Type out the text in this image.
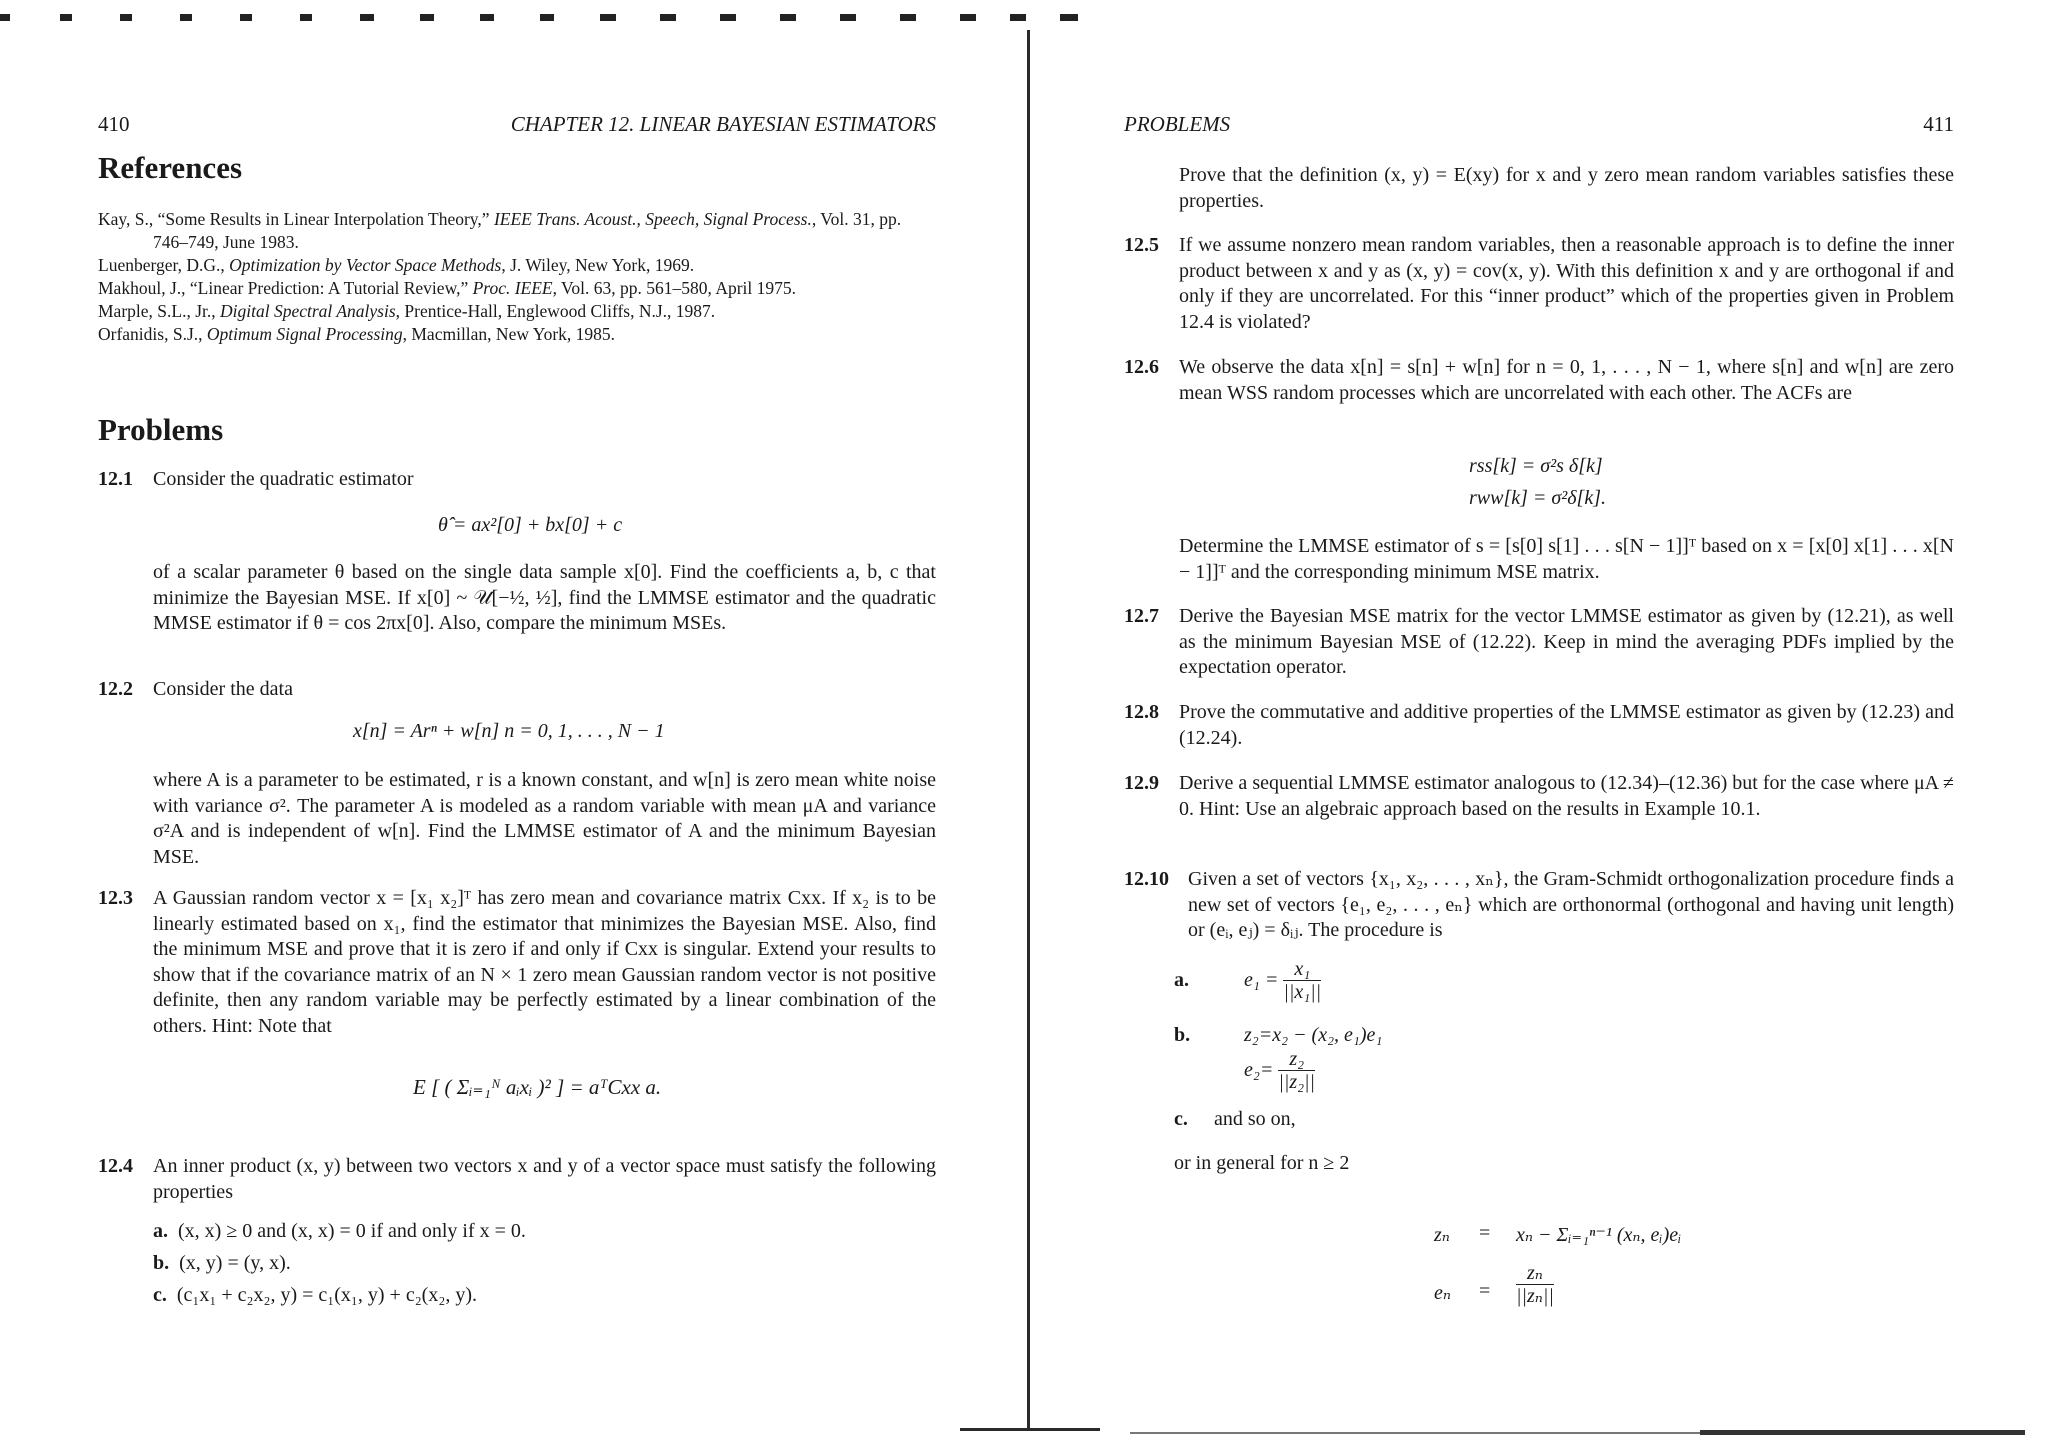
410	CHAPTER 12. LINEAR BAYESIAN ESTIMATORS
References

Kay, S., “Some Results in Linear Interpolation Theory,” IEEE Trans. Acoust., Speech, Signal Process., Vol. 31, pp. 746–749, June 1983.

Luenberger, D.G., Optimization by Vector Space Methods, J. Wiley, New York, 1969.

Makhoul, J., “Linear Prediction: A Tutorial Review,” Proc. IEEE, Vol. 63, pp. 561–580, April 1975.

Marple, S.L., Jr., Digital Spectral Analysis, Prentice-Hall, Englewood Cliffs, N.J., 1987.

Orfanidis, S.J., Optimum Signal Processing, Macmillan, New York, 1985.

Problems
12.1 Consider the quadratic estimator
θ̂ = ax²[0] + bx[0] + c
of a scalar parameter θ based on the single data sample x[0]. Find the coefficients a, b, c that minimize the Bayesian MSE. If x[0] ~ 𝒰[−½, ½], find the LMMSE estimator and the quadratic MMSE estimator if θ = cos 2πx[0]. Also, compare the minimum MSEs.
12.2 Consider the data
x[n] = Arⁿ + w[n] n = 0, 1, . . . , N − 1
where A is a parameter to be estimated, r is a known constant, and w[n] is zero mean white noise with variance σ². The parameter A is modeled as a random variable with mean μA and variance σ²A and is independent of w[n]. Find the LMMSE estimator of A and the minimum Bayesian MSE.
12.3 A Gaussian random vector x = [x₁ x₂]ᵀ has zero mean and covariance matrix Cxx. If x₂ is to be linearly estimated based on x₁, find the estimator that minimizes the Bayesian MSE. Also, find the minimum MSE and prove that it is zero if and only if Cxx is singular. Extend your results to show that if the covariance matrix of an N × 1 zero mean Gaussian random vector is not positive definite, then any random variable may be perfectly estimated by a linear combination of the others. Hint: Note that
E [ ( Σᵢ₌₁ᴺ aᵢxᵢ )² ] = aᵀCxx a.
12.4 An inner product (x, y) between two vectors x and y of a vector space must satisfy the following properties
a. (x, x) ≥ 0 and (x, x) = 0 if and only if x = 0.
b. (x, y) = (y, x).
c. (c₁x₁ + c₂x₂, y) = c₁(x₁, y) + c₂(x₂, y).
PROBLEMS	411
Prove that the definition (x, y) = E(xy) for x and y zero mean random variables satisfies these properties.
12.5 If we assume nonzero mean random variables, then a reasonable approach is to define the inner product between x and y as (x, y) = cov(x, y). With this definition x and y are orthogonal if and only if they are uncorrelated. For this “inner product” which of the properties given in Problem 12.4 is violated?
12.6 We observe the data x[n] = s[n] + w[n] for n = 0, 1, . . . , N − 1, where s[n] and w[n] are zero mean WSS random processes which are uncorrelated with each other. The ACFs are
rss[k] = σ²s δ[k]
rww[k] = σ²δ[k].
Determine the LMMSE estimator of s = [s[0] s[1] . . . s[N − 1]]ᵀ based on x = [x[0] x[1] . . . x[N − 1]]ᵀ and the corresponding minimum MSE matrix.
12.7 Derive the Bayesian MSE matrix for the vector LMMSE estimator as given by (12.21), as well as the minimum Bayesian MSE of (12.22). Keep in mind the averaging PDFs implied by the expectation operator.
12.8 Prove the commutative and additive properties of the LMMSE estimator as given by (12.23) and (12.24).
12.9 Derive a sequential LMMSE estimator analogous to (12.34)–(12.36) but for the case where μA ≠ 0. Hint: Use an algebraic approach based on the results in Example 10.1.
12.10 Given a set of vectors {x₁, x₂, . . . , xₙ}, the Gram-Schmidt orthogonalization procedure finds a new set of vectors {e₁, e₂, . . . , eₙ} which are orthonormal (orthogonal and having unit length) or (eᵢ, eⱼ) = δᵢⱼ. The procedure is
a.	$e_1 = \frac{\text{x₁}}{\text{||x₁||}}$
b.	z₂=x₂ − (x₂, e₁)e₁
$e_2= \frac{\text{z₂}}{\text{||z₂||}}$
c. and so on,
or in general for n ≥ 2
zₙ = xₙ − Σᵢ₌₁ⁿ⁻¹ (xₙ, eᵢ)eᵢ
$e_n = \frac{\text{zₙ}}{\text{||zₙ||}}$
